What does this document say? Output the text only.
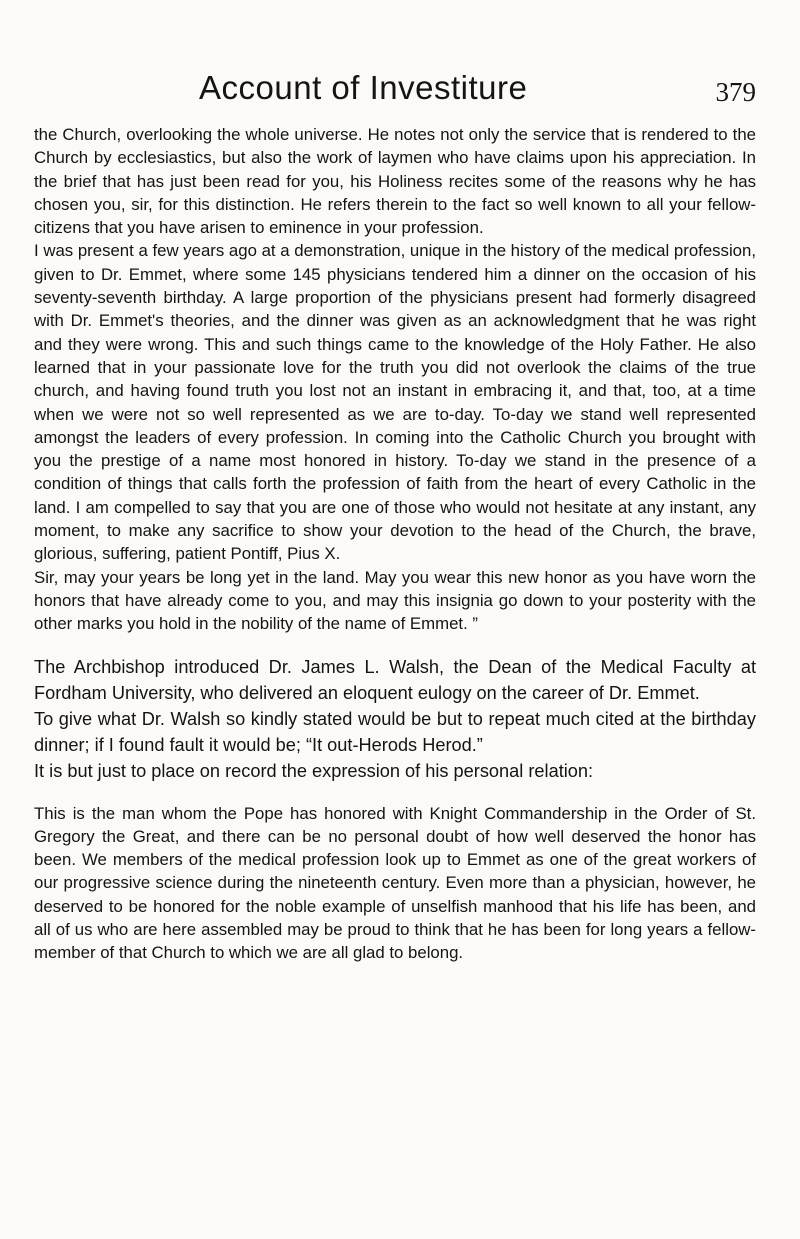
Account of Investiture	379

the Church, overlooking the whole universe. He notes not only the service that is rendered to the Church by ecclesiastics, but also the work of laymen who have claims upon his appreciation. In the brief that has just been read for you, his Holiness recites some of the reasons why he has chosen you, sir, for this distinction. He refers therein to the fact so well known to all your fellow-citizens that you have arisen to eminence in your profession.

I was present a few years ago at a demonstration, unique in the history of the medical profession, given to Dr. Emmet, where some 145 physicians tendered him a dinner on the occasion of his seventy-seventh birthday. A large proportion of the physicians present had formerly disagreed with Dr. Emmet's theories, and the dinner was given as an acknowledgment that he was right and they were wrong. This and such things came to the knowledge of the Holy Father. He also learned that in your passionate love for the truth you did not overlook the claims of the true church, and having found truth you lost not an instant in embracing it, and that, too, at a time when we were not so well represented as we are to-day. To-day we stand well represented amongst the leaders of every profession. In coming into the Catholic Church you brought with you the prestige of a name most honored in history. To-day we stand in the presence of a condition of things that calls forth the profession of faith from the heart of every Catholic in the land. I am compelled to say that you are one of those who would not hesitate at any instant, any moment, to make any sacrifice to show your devotion to the head of the Church, the brave, glorious, suffering, patient Pontiff, Pius X.

Sir, may your years be long yet in the land. May you wear this new honor as you have worn the honors that have already come to you, and may this insignia go down to your posterity with the other marks you hold in the nobility of the name of Emmet. ”

The Archbishop introduced Dr. James L. Walsh, the Dean of the Medical Faculty at Fordham University, who delivered an eloquent eulogy on the career of Dr. Emmet.

To give what Dr. Walsh so kindly stated would be but to repeat much cited at the birthday dinner; if I found fault it would be; “It out-Herods Herod.”

It is but just to place on record the expression of his personal relation:

This is the man whom the Pope has honored with Knight Commandership in the Order of St. Gregory the Great, and there can be no personal doubt of how well deserved the honor has been. We members of the medical profession look up to Emmet as one of the great workers of our progressive science during the nineteenth century. Even more than a physician, however, he deserved to be honored for the noble example of unselfish manhood that his life has been, and all of us who are here assembled may be proud to think that he has been for long years a fellow-member of that Church to which we are all glad to belong.
